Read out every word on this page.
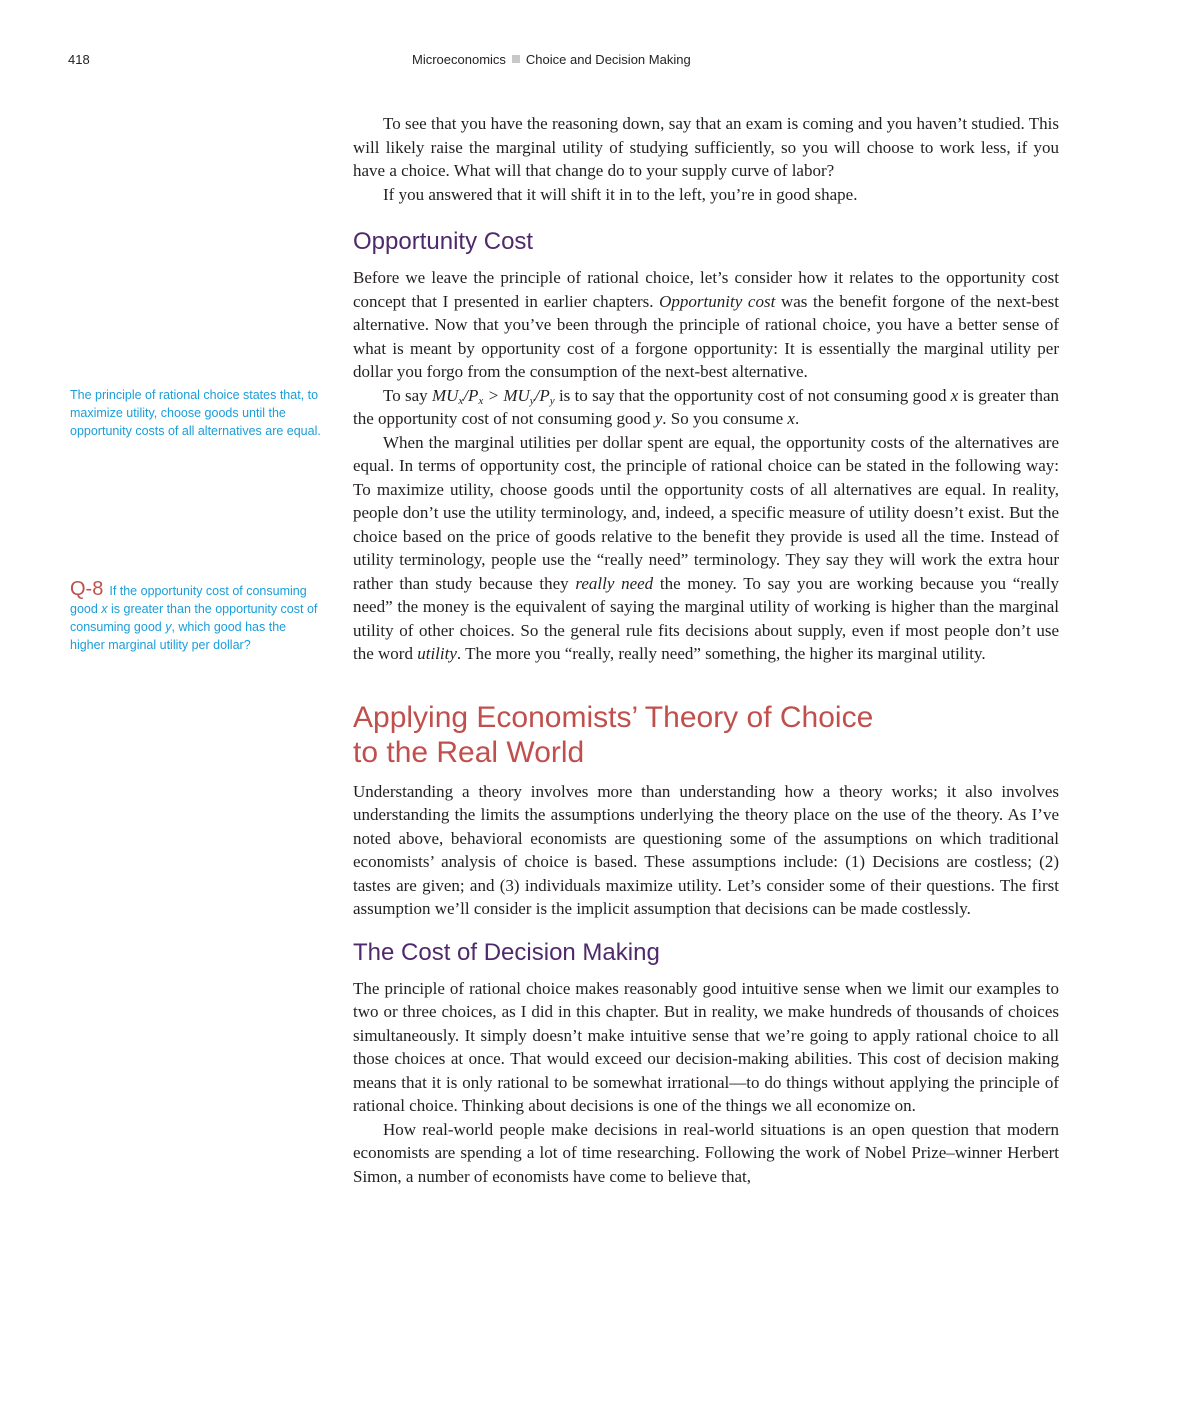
418	Microeconomics Choice and Decision Making
The principle of rational choice states that, to maximize utility, choose goods until the opportunity costs of all alternatives are equal.
Q-8 If the opportunity cost of consuming good x is greater than the opportunity cost of consuming good y, which good has the higher marginal utility per dollar?

To see that you have the reasoning down, say that an exam is coming and you haven’t studied. This will likely raise the marginal utility of studying sufficiently, so you will choose to work less, if you have a choice. What will that change do to your supply curve of labor?

If you answered that it will shift it in to the left, you’re in good shape.

Opportunity Cost

Before we leave the principle of rational choice, let’s consider how it relates to the opportunity cost concept that I presented in earlier chapters. Opportunity cost was the benefit forgone of the next-best alternative. Now that you’ve been through the principle of rational choice, you have a better sense of what is meant by opportunity cost of a forgone opportunity: It is essentially the marginal utility per dollar you forgo from the consumption of the next-best alternative.

To say $MU_x/P_x > MU_y/P_y$ is to say that the opportunity cost of not consuming good x is greater than the opportunity cost of not consuming good y. So you consume x.

When the marginal utilities per dollar spent are equal, the opportunity costs of the alternatives are equal. In terms of opportunity cost, the principle of rational choice can be stated in the following way: To maximize utility, choose goods until the opportunity costs of all alternatives are equal. In reality, people don’t use the utility terminology, and, indeed, a specific measure of utility doesn’t exist. But the choice based on the price of goods relative to the benefit they provide is used all the time. Instead of utility terminology, people use the “really need” terminology. They say they will work the extra hour rather than study because they really need the money. To say you are working because you “really need” the money is the equivalent of saying the marginal utility of working is higher than the marginal utility of other choices. So the general rule fits decisions about supply, even if most people don’t use the word utility. The more you “really, really need” something, the higher its marginal utility.

Applying Economists’ Theory of Choice
to the Real World

Understanding a theory involves more than understanding how a theory works; it also involves understanding the limits the assumptions underlying the theory place on the use of the theory. As I’ve noted above, behavioral economists are questioning some of the assumptions on which traditional economists’ analysis of choice is based. These assumptions include: (1) Decisions are costless; (2) tastes are given; and (3) individuals maximize utility. Let’s consider some of their questions. The first assumption we’ll consider is the implicit assumption that decisions can be made costlessly.

The Cost of Decision Making

The principle of rational choice makes reasonably good intuitive sense when we limit our examples to two or three choices, as I did in this chapter. But in reality, we make hundreds of thousands of choices simultaneously. It simply doesn’t make intuitive sense that we’re going to apply rational choice to all those choices at once. That would exceed our decision-making abilities. This cost of decision making means that it is only rational to be somewhat irrational—to do things without applying the principle of rational choice. Thinking about decisions is one of the things we all economize on.

How real-world people make decisions in real-world situations is an open question that modern economists are spending a lot of time researching. Following the work of Nobel Prize–winner Herbert Simon, a number of economists have come to believe that,
